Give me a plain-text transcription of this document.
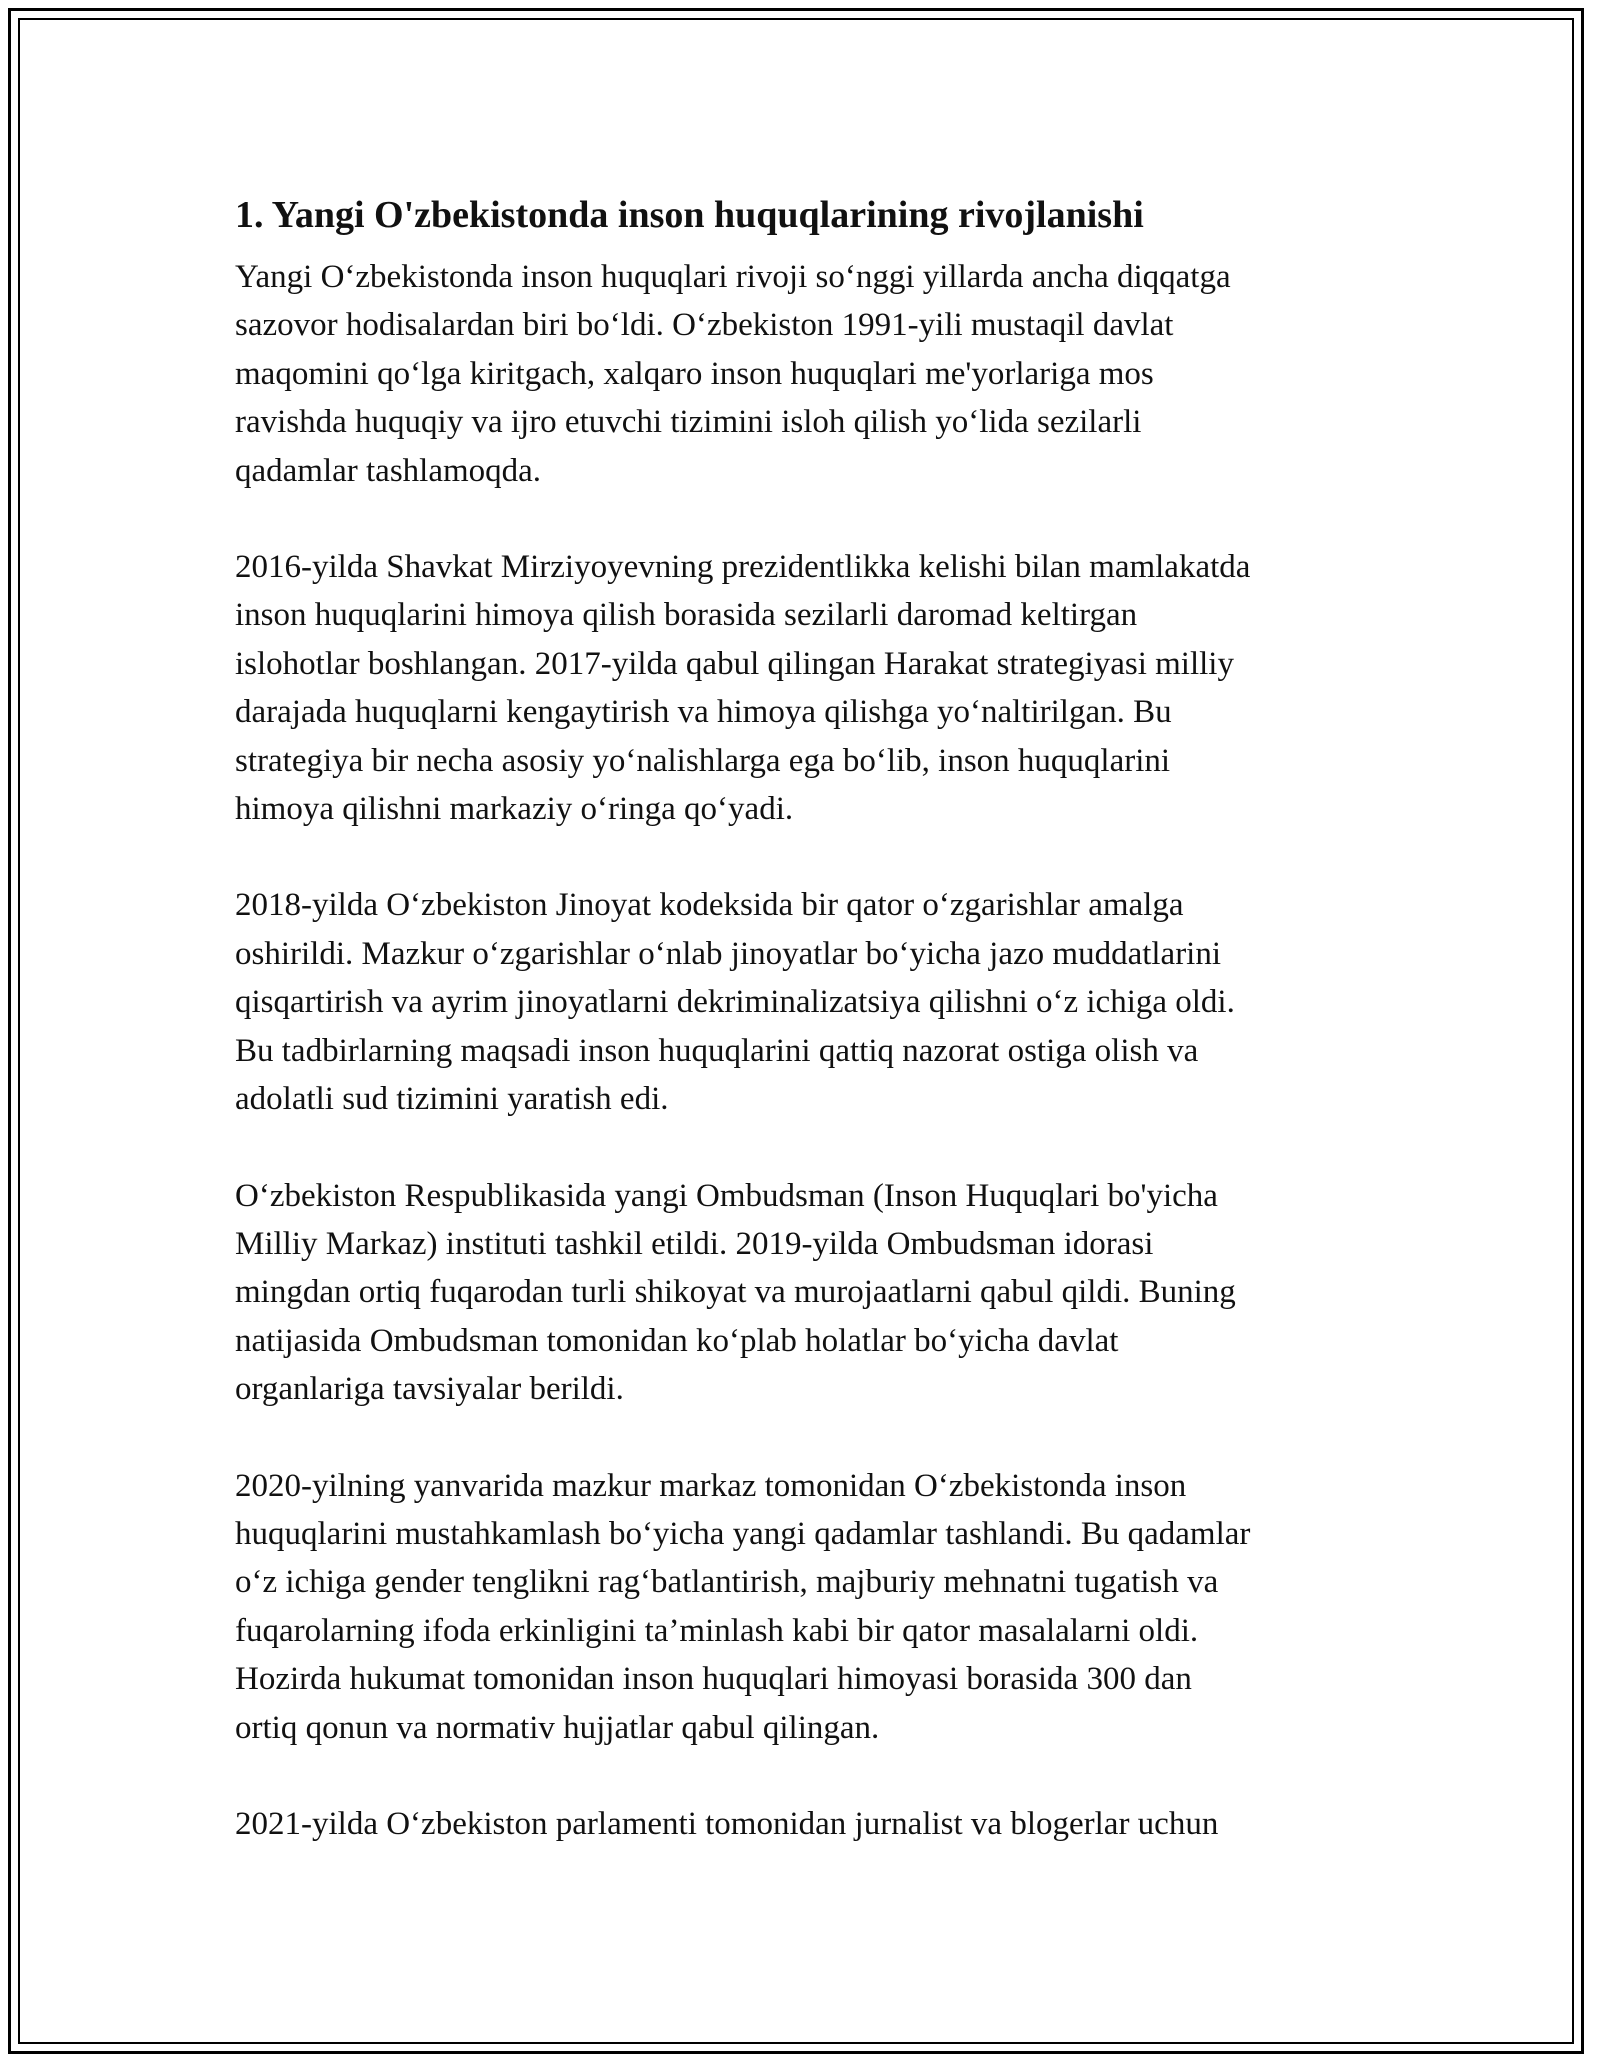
1. Yangi O'zbekistonda inson huquqlarining rivojlanishi
Yangi Oʻzbekistonda inson huquqlari rivoji soʻnggi yillarda ancha diqqatga
sazovor hodisalardan biri boʻldi. Oʻzbekiston 1991-yili mustaqil davlat
maqomini qoʻlga kiritgach, xalqaro inson huquqlari me'yorlariga mos
ravishda huquqiy va ijro etuvchi tizimini isloh qilish yoʻlida sezilarli
qadamlar tashlamoqda.
2016-yilda Shavkat Mirziyoyevning prezidentlikka kelishi bilan mamlakatda
inson huquqlarini himoya qilish borasida sezilarli daromad keltirgan
islohotlar boshlangan. 2017-yilda qabul qilingan Harakat strategiyasi milliy
darajada huquqlarni kengaytirish va himoya qilishga yoʻnaltirilgan. Bu
strategiya bir necha asosiy yoʻnalishlarga ega boʻlib, inson huquqlarini
himoya qilishni markaziy oʻringa qoʻyadi.
2018-yilda Oʻzbekiston Jinoyat kodeksida bir qator oʻzgarishlar amalga
oshirildi. Mazkur oʻzgarishlar oʻnlab jinoyatlar boʻyicha jazo muddatlarini
qisqartirish va ayrim jinoyatlarni dekriminalizatsiya qilishni oʻz ichiga oldi.
Bu tadbirlarning maqsadi inson huquqlarini qattiq nazorat ostiga olish va
adolatli sud tizimini yaratish edi.
Oʻzbekiston Respublikasida yangi Ombudsman (Inson Huquqlari bo'yicha
Milliy Markaz) instituti tashkil etildi. 2019-yilda Ombudsman idorasi
mingdan ortiq fuqarodan turli shikoyat va murojaatlarni qabul qildi. Buning
natijasida Ombudsman tomonidan koʻplab holatlar boʻyicha davlat
organlariga tavsiyalar berildi.
2020-yilning yanvarida mazkur markaz tomonidan Oʻzbekistonda inson
huquqlarini mustahkamlash boʻyicha yangi qadamlar tashlandi. Bu qadamlar
oʻz ichiga gender tenglikni ragʻbatlantirish, majburiy mehnatni tugatish va
fuqarolarning ifoda erkinligini ta’minlash kabi bir qator masalalarni oldi.
Hozirda hukumat tomonidan inson huquqlari himoyasi borasida 300 dan
ortiq qonun va normativ hujjatlar qabul qilingan.
2021-yilda Oʻzbekiston parlamenti tomonidan jurnalist va blogerlar uchun
